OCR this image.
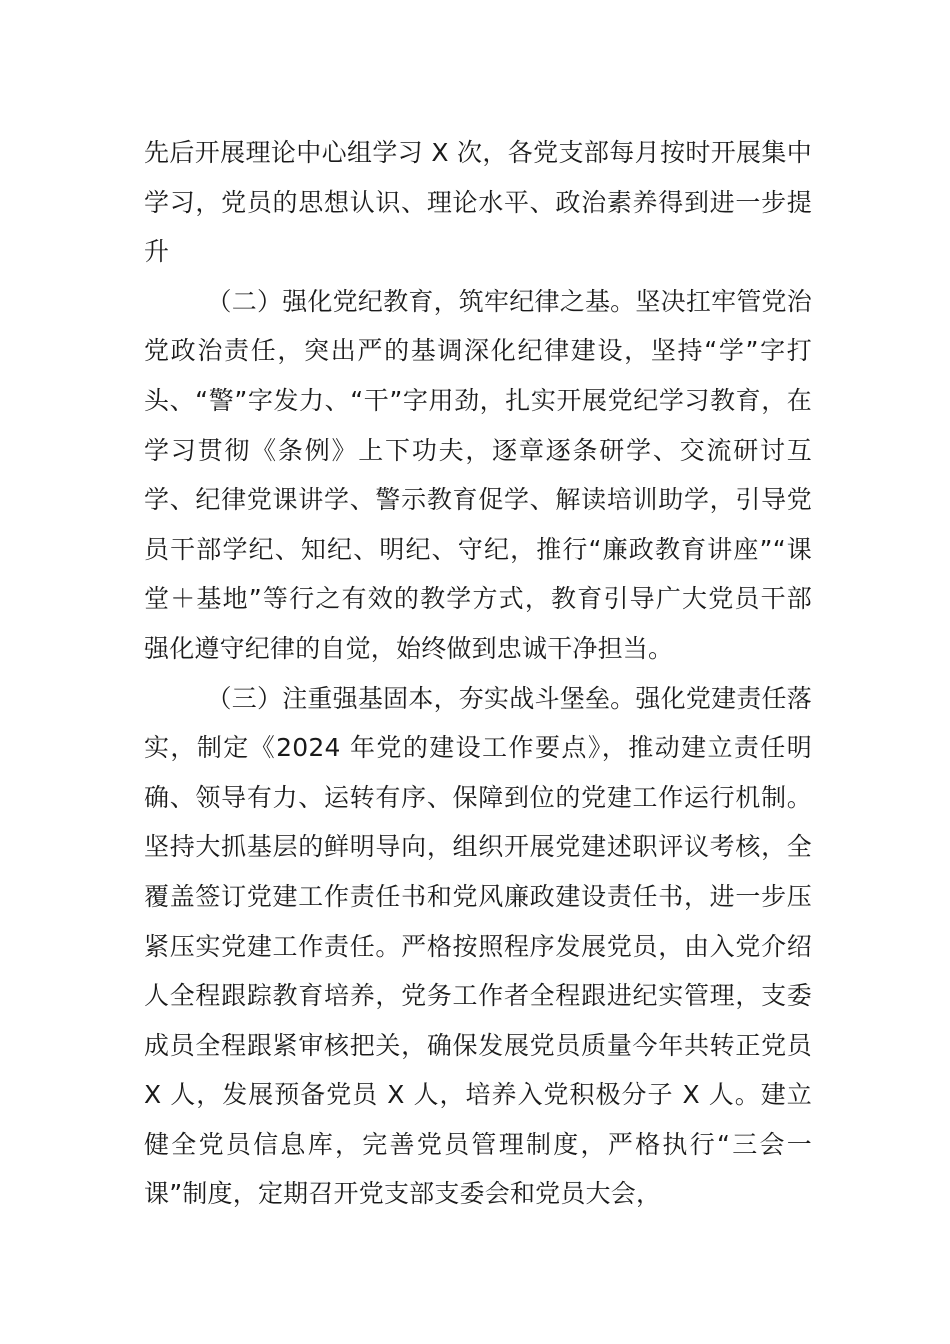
先后开展理论中心组学习 X 次，各党支部每月按时开展集中学习，党员的思想认识、理论水平、政治素养得到进一步提升

（二）强化党纪教育，筑牢纪律之基。坚决扛牢管党治党政治责任，突出严的基调深化纪律建设，坚持“学”字打头、“警”字发力、“干”字用劲，扎实开展党纪学习教育，在学习贯彻《条例》上下功夫，逐章逐条研学、交流研讨互学、纪律党课讲学、警示教育促学、解读培训助学，引导党员干部学纪、知纪、明纪、守纪，推行“廉政教育讲座”“课堂＋基地”等行之有效的教学方式，教育引导广大党员干部强化遵守纪律的自觉，始终做到忠诚干净担当。

（三）注重强基固本，夯实战斗堡垒。强化党建责任落实，制定《2024 年党的建设工作要点》，推动建立责任明确、领导有力、运转有序、保障到位的党建工作运行机制。坚持大抓基层的鲜明导向，组织开展党建述职评议考核，全覆盖签订党建工作责任书和党风廉政建设责任书，进一步压紧压实党建工作责任。严格按照程序发展党员，由入党介绍人全程跟踪教育培养，党务工作者全程跟进纪实管理，支委成员全程跟紧审核把关，确保发展党员质量今年共转正党员 X 人，发展预备党员 X 人，培养入党积极分子 X 人。建立健全党员信息库，完善党员管理制度，严格执行“三会一课”制度，定期召开党支部支委会和党员大会，
